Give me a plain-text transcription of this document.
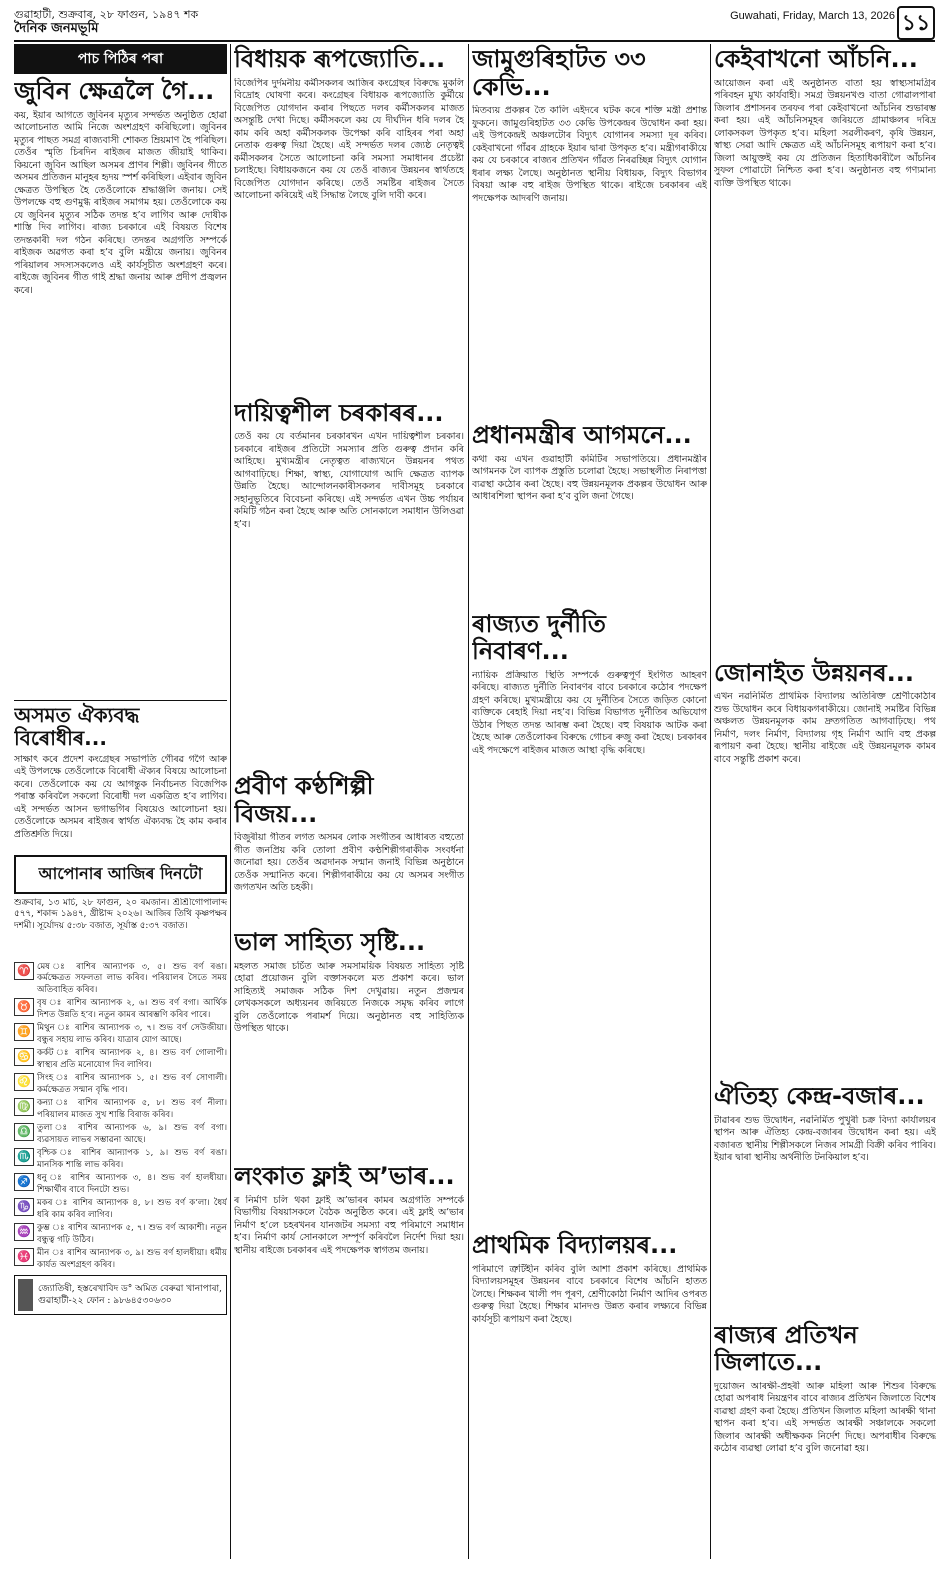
গুৱাহাটী, শুক্ৰবাৰ, ২৮ ফাগুন, ১৯৪৭ শক
দৈনিক জনমভূমি
Guwahati, Friday, March 13, 2026 ১১
পাচ পিঠিৰ পৰা
জুবিন ক্ষেত্ৰলৈ গৈ...
কয়, ইয়াৰ আগতে জুবিনৰ মৃত্যুৰ সন্দৰ্ভত অনুষ্ঠিত হোৱা আলোচনাত আমি নিজে অংশগ্ৰহণ কৰিছিলো। জুবিনৰ মৃত্যুৰ পাছত সমগ্ৰ ৰাজ্যবাসী শোকত ম্ৰিয়মাণ হৈ পৰিছিল। তেওঁৰ স্মৃতি চিৰদিন ৰাইজৰ মাজত জীয়াই থাকিব। কিয়নো জুবিন আছিল অসমৰ প্ৰাণৰ শিল্পী। জুবিনৰ গীতে অসমৰ প্ৰতিজন মানুহৰ হৃদয় স্পৰ্শ কৰিছিল। এইবাৰ জুবিন ক্ষেত্ৰত উপস্থিত হৈ তেওঁলোকে শ্ৰদ্ধাঞ্জলি জনায়। সেই উপলক্ষে বহু গুণমুগ্ধ ৰাইজৰ সমাগম হয়। তেওঁলোকে কয় যে জুবিনৰ মৃত্যুৰ সঠিক তদন্ত হ’ব লাগিব আৰু দোষীক শাস্তি দিব লাগিব। ৰাজ্য চৰকাৰে এই বিষয়ত বিশেষ তদন্তকাৰী দল গঠন কৰিছে। তদন্তৰ অগ্ৰগতি সম্পৰ্কে ৰাইজক অৱগত কৰা হ’ব বুলি মন্ত্ৰীয়ে জনায়। জুবিনৰ পৰিয়ালৰ সদস্যসকলেও এই কাৰ্যসূচীত অংশগ্ৰহণ কৰে। ৰাইজে জুবিনৰ গীত গাই শ্ৰদ্ধা জনায় আৰু প্ৰদীপ প্ৰজ্বলন কৰে।
অসমত ঐক্যবদ্ধ বিৰোধীৰ...
সাক্ষাৎ কৰে প্ৰদেশ কংগ্ৰেছৰ সভাপতি গৌৰৱ গগৈ আৰু এই উপলক্ষে তেওঁলোকে বিৰোধী ঐক্যৰ বিষয়ে আলোচনা কৰে। তেওঁলোকে কয় যে আগন্তুক নিৰ্বাচনত বিজেপিক পৰাস্ত কৰিবলৈ সকলো বিৰোধী দল একত্ৰিত হ’ব লাগিব। এই সন্দৰ্ভত আসন ভগাভগিৰ বিষয়েও আলোচনা হয়। তেওঁলোকে অসমৰ ৰাইজৰ স্বাৰ্থত ঐক্যবদ্ধ হৈ কাম কৰাৰ প্ৰতিশ্ৰুতি দিয়ে।
আপোনাৰ আজিৰ দিনটো
শুক্ৰবাৰ, ১৩ মাৰ্চ, ২৮ ফাগুন, ২০ ৰমজান। শ্ৰীশ্ৰীগোপালাব্দ ৫৭৭, শকাব্দ ১৯৪৭, খ্ৰীষ্টাব্দ ২০২৬। আজিৰ তিথি কৃষ্ণপক্ষৰ দশমী। সূৰ্যোদয় ৫:৩৮ বজাত, সূৰ্যাস্ত ৫:৩৭ বজাত।
♈ মেষ ঃ ৰাশিৰ আন্যাপক ৩, ৫। শুভ বৰ্ণ ৰঙা। কৰ্মক্ষেত্ৰত সফলতা লাভ কৰিব। পৰিয়ালৰ সৈতে সময় অতিবাহিত কৰিব।
♉ বৃষ ঃ ৰাশিৰ আন্যাপক ২, ৬। শুভ বৰ্ণ বগা। আৰ্থিক দিশত উন্নতি হ’ব। নতুন কামৰ আৰম্ভণি কৰিব পাৰে।
♊ মিথুন ঃ ৰাশিৰ আন্যাপক ৩, ৭। শুভ বৰ্ণ সেউজীয়া। বন্ধুৰ সহায় লাভ কৰিব। যাত্ৰাৰ যোগ আছে।
♋ কৰ্কট ঃ ৰাশিৰ আন্যাপক ২, ৪। শুভ বৰ্ণ গোলাপী। স্বাস্থ্যৰ প্ৰতি মনোযোগ দিব লাগিব।
♌ সিংহ ঃ ৰাশিৰ আন্যাপক ১, ৫। শুভ বৰ্ণ সোণালী। কৰ্মক্ষেত্ৰত সন্মান বৃদ্ধি পাব।
♍ কন্যা ঃ ৰাশিৰ আন্যাপক ৫, ৮। শুভ বৰ্ণ নীলা। পৰিয়ালৰ মাজত সুখ শান্তি বিৰাজ কৰিব।
♎ তুলা ঃ ৰাশিৰ আন্যাপক ৬, ৯। শুভ বৰ্ণ বগা। ব্যৱসায়ত লাভৰ সম্ভাৱনা আছে।
♏ বৃশ্চিক ঃ ৰাশিৰ আন্যাপক ১, ৯। শুভ বৰ্ণ ৰঙা। মানসিক শান্তি লাভ কৰিব।
♐ ধনু ঃ ৰাশিৰ আন্যাপক ৩, ৪। শুভ বৰ্ণ হালধীয়া। শিক্ষাৰ্থীৰ বাবে দিনটো শুভ।
♑ মকৰ ঃ ৰাশিৰ আন্যাপক ৪, ৮। শুভ বৰ্ণ ক’লা। ধৈৰ্য ধৰি কাম কৰিব লাগিব।
♒ কুম্ভ ঃ ৰাশিৰ আন্যাপক ৫, ৭। শুভ বৰ্ণ আকাশী। নতুন বন্ধুত্ব গঢ়ি উঠিব।
♓ মীন ঃ ৰাশিৰ আন্যাপক ৩, ৯। শুভ বৰ্ণ হালধীয়া। ধৰ্মীয় কাৰ্যত অংশগ্ৰহণ কৰিব।
জ্যোতিষী, হস্তৰেখাবিদ ড° অমিত বেৰুৱা খানাপাৰা, গুৱাহাটী-২২ ফোন : ৯৮৬৪৫৩০৬৩০
বিধায়ক ৰূপজ্যোতি...
বিজেপিৰ দুৰ্দমনীয় কৰ্মীসকলৰ আজিৰ কংগ্ৰেছৰ বিৰুদ্ধে মুকলি বিদ্ৰোহ ঘোষণা কৰে। কংগ্ৰেছৰ বিধায়ক ৰূপজ্যোতি কুৰ্মীয়ে বিজেপিত যোগদান কৰাৰ পিছতে দলৰ কৰ্মীসকলৰ মাজত অসন্তুষ্টি দেখা দিছে। কৰ্মীসকলে কয় যে দীৰ্ঘদিন ধৰি দলৰ হৈ কাম কৰি অহা কৰ্মীসকলক উপেক্ষা কৰি বাহিৰৰ পৰা অহা নেতাক গুৰুত্ব দিয়া হৈছে। এই সন্দৰ্ভত দলৰ জ্যেষ্ঠ নেতৃত্বই কৰ্মীসকলৰ সৈতে আলোচনা কৰি সমস্যা সমাধানৰ প্ৰচেষ্টা চলাইছে। বিধায়কজনে কয় যে তেওঁ ৰাজ্যৰ উন্নয়নৰ স্বাৰ্থতহে বিজেপিত যোগদান কৰিছে। তেওঁ সমষ্টিৰ ৰাইজৰ সৈতে আলোচনা কৰিয়েই এই সিদ্ধান্ত লৈছে বুলি দাবী কৰে।
দায়িত্বশীল চৰকাৰৰ...
তেওঁ কয় যে বৰ্তমানৰ চৰকাৰখন এখন দায়িত্বশীল চৰকাৰ। চৰকাৰে ৰাইজৰ প্ৰতিটো সমস্যাৰ প্ৰতি গুৰুত্ব প্ৰদান কৰি আহিছে। মুখ্যমন্ত্ৰীৰ নেতৃত্বত ৰাজ্যখনে উন্নয়নৰ পথত আগবাঢ়িছে। শিক্ষা, স্বাস্থ্য, যোগাযোগ আদি ক্ষেত্ৰত ব্যাপক উন্নতি হৈছে। আন্দোলনকাৰীসকলৰ দাবীসমূহ চৰকাৰে সহানুভূতিৰে বিবেচনা কৰিছে। এই সন্দৰ্ভত এখন উচ্চ পৰ্যায়ৰ কমিটি গঠন কৰা হৈছে আৰু অতি সোনকালে সমাধান উলিওৱা হ’ব।
প্ৰবীণ কণ্ঠশিল্পী বিজয়...
বিজুৰীয়া গীতৰ লগত অসমৰ লোক সংগীতৰ আধাৰত বহুতো গীত জনপ্ৰিয় কৰি তোলা প্ৰবীণ কণ্ঠশিল্পীগৰাকীক সংবৰ্ধনা জনোৱা হয়। তেওঁৰ অৱদানক সন্মান জনাই বিভিন্ন অনুষ্ঠানে তেওঁক সন্মানিত কৰে। শিল্পীগৰাকীয়ে কয় যে অসমৰ সংগীত জগতখন অতি চহকী।
ভাল সাহিত্য সৃষ্টি...
মহলত সমাজ চৰ্চিত আৰু সমসাময়িক বিষয়ত সাহিত্য সৃষ্টি হোৱা প্ৰয়োজন বুলি বক্তাসকলে মত প্ৰকাশ কৰে। ভাল সাহিত্যই সমাজক সঠিক দিশ দেখুৱায়। নতুন প্ৰজন্মৰ লেখকসকলে অধ্যয়নৰ জৰিয়তে নিজকে সমৃদ্ধ কৰিব লাগে বুলি তেওঁলোকে পৰামৰ্শ দিয়ে। অনুষ্ঠানত বহু সাহিত্যিক উপস্থিত থাকে।
লংকাত ফ্লাই অ’ভাৰ...
ৰ নিৰ্মাণ চলি থকা ফ্লাই অ’ভাৰৰ কামৰ অগ্ৰগতি সম্পৰ্কে বিভাগীয় বিষয়াসকলে বৈঠক অনুষ্ঠিত কৰে। এই ফ্লাই অ’ভাৰ নিৰ্মাণ হ’লে চহৰখনৰ যানজটৰ সমস্যা বহু পৰিমাণে সমাধান হ’ব। নিৰ্মাণ কাৰ্য সোনকালে সম্পূৰ্ণ কৰিবলৈ নিৰ্দেশ দিয়া হয়। স্থানীয় ৰাইজে চৰকাৰৰ এই পদক্ষেপক স্বাগতম জনায়।
জামুগুৰিহাটত ৩৩ কেভি...
মিতব্যয় প্ৰকল্পৰ তৈ কালি এইদৰে ঘটক কৰে শক্তি মন্ত্ৰী প্ৰশান্ত ফুকনে। জামুগুৰিহাটত ৩৩ কেভি উপকেন্দ্ৰৰ উদ্বোধন কৰা হয়। এই উপকেন্দ্ৰই অঞ্চলটোৰ বিদ্যুৎ যোগানৰ সমস্যা দূৰ কৰিব। কেইবাখনো গাঁৱৰ গ্ৰাহকে ইয়াৰ দ্বাৰা উপকৃত হ’ব। মন্ত্ৰীগৰাকীয়ে কয় যে চৰকাৰে ৰাজ্যৰ প্ৰতিখন গাঁৱত নিৰৱচ্ছিন্ন বিদ্যুৎ যোগান ধৰাৰ লক্ষ্য লৈছে। অনুষ্ঠানত স্থানীয় বিধায়ক, বিদ্যুৎ বিভাগৰ বিষয়া আৰু বহু ৰাইজ উপস্থিত থাকে। ৰাইজে চৰকাৰৰ এই পদক্ষেপক আদৰণি জনায়।
প্ৰধানমন্ত্ৰীৰ আগমনে...
কথা কয় এখন গুৱাহাটী কমিটিৰ সভাপতিয়ে। প্ৰধানমন্ত্ৰীৰ আগমনক লৈ ব্যাপক প্ৰস্তুতি চলোৱা হৈছে। সভাস্থলীত নিৰাপত্তা ব্যৱস্থা কঠোৰ কৰা হৈছে। বহু উন্নয়নমূলক প্ৰকল্পৰ উদ্বোধন আৰু আধাৰশিলা স্থাপন কৰা হ’ব বুলি জনা গৈছে।
ৰাজ্যত দুৰ্নীতি নিবাৰণ...
ন্যায়িক প্ৰক্ৰিয়াত স্থিতি সম্পৰ্কে গুৰুত্বপূৰ্ণ ইংগিত আহৰণ কৰিছে। ৰাজ্যত দুৰ্নীতি নিবাৰণৰ বাবে চৰকাৰে কঠোৰ পদক্ষেপ গ্ৰহণ কৰিছে। মুখ্যমন্ত্ৰীয়ে কয় যে দুৰ্নীতিৰ সৈতে জড়িত কোনো ব্যক্তিকে ৰেহাই দিয়া নহ’ব। বিভিন্ন বিভাগত দুৰ্নীতিৰ অভিযোগ উঠাৰ পিছত তদন্ত আৰম্ভ কৰা হৈছে। বহু বিষয়াক আটক কৰা হৈছে আৰু তেওঁলোকৰ বিৰুদ্ধে গোচৰ ৰুজু কৰা হৈছে। চৰকাৰৰ এই পদক্ষেপে ৰাইজৰ মাজত আস্থা বৃদ্ধি কৰিছে।
প্ৰাথমিক বিদ্যালয়ৰ...
পৰিমাণে ত্ৰুটিহীন কৰিব বুলি আশা প্ৰকাশ কৰিছে। প্ৰাথমিক বিদ্যালয়সমূহৰ উন্নয়নৰ বাবে চৰকাৰে বিশেষ আঁচনি হাতত লৈছে। শিক্ষকৰ খালী পদ পূৰণ, শ্ৰেণীকোঠা নিৰ্মাণ আদিৰ ওপৰত গুৰুত্ব দিয়া হৈছে। শিক্ষাৰ মানদণ্ড উন্নত কৰাৰ লক্ষ্যৰে বিভিন্ন কাৰ্যসূচী ৰূপায়ণ কৰা হৈছে।
কেইবাখনো আঁচনি...
আয়োজন কৰা এই অনুষ্ঠানত বাতা হয় স্বাস্থ্যসামগ্ৰিৰ পৰিবহন মুখ্য কাৰ্যবাহী। সমগ্ৰ উন্নয়নখণ্ড বাতা গোৱালপাৰা জিলাৰ প্ৰশাসনৰ তৰফৰ পৰা কেইবাখনো আঁচনিৰ শুভাৰম্ভ কৰা হয়। এই আঁচনিসমূহৰ জৰিয়তে গ্ৰামাঞ্চলৰ দৰিদ্ৰ লোকসকল উপকৃত হ’ব। মহিলা সৱলীকৰণ, কৃষি উন্নয়ন, স্বাস্থ্য সেৱা আদি ক্ষেত্ৰত এই আঁচনিসমূহ ৰূপায়ণ কৰা হ’ব। জিলা আয়ুক্তই কয় যে প্ৰতিজন হিতাধিকাৰীলৈ আঁচনিৰ সুফল পোৱাটো নিশ্চিত কৰা হ’ব। অনুষ্ঠানত বহু গণ্যমান্য ব্যক্তি উপস্থিত থাকে।
জোনাইত উন্নয়নৰ...
এখন নৱনিৰ্মিত প্ৰাথমিক বিদ্যালয় অতিৰিক্ত শ্ৰেণীকোঠাৰ শুভ উদ্বোধন কৰে বিধায়কগৰাকীয়ে। জোনাই সমষ্টিৰ বিভিন্ন অঞ্চলত উন্নয়নমূলক কাম দ্ৰুতগতিত আগবাঢ়িছে। পথ নিৰ্মাণ, দলং নিৰ্মাণ, বিদ্যালয় গৃহ নিৰ্মাণ আদি বহু প্ৰকল্প ৰূপায়ণ কৰা হৈছে। স্থানীয় ৰাইজে এই উন্নয়নমূলক কামৰ বাবে সন্তুষ্টি প্ৰকাশ কৰে।
ঐতিহ্য কেন্দ্ৰ-বজাৰ...
টাৱাৰৰ শুভ উদ্বোধন, নৱনিৰ্মিত পুখুৰী চক্ৰ বিদ্যা কাৰ্যালয়ৰ স্থাপন আৰু ঐতিহ্য কেন্দ্ৰ-বজাৰৰ উদ্বোধন কৰা হয়। এই বজাৰত স্থানীয় শিল্পীসকলে নিজৰ সামগ্ৰী বিক্ৰী কৰিব পাৰিব। ইয়াৰ দ্বাৰা স্থানীয় অৰ্থনীতি টনকিয়াল হ’ব।
ৰাজ্যৰ প্ৰতিখন জিলাতে...
দুয়োজন আৰক্ষী-প্ৰহৰী আৰু মহিলা আৰু শিশুৰ বিৰুদ্ধে হোৱা অপৰাধ নিয়ন্ত্ৰণৰ বাবে ৰাজ্যৰ প্ৰতিখন জিলাতে বিশেষ ব্যৱস্থা গ্ৰহণ কৰা হৈছে। প্ৰতিখন জিলাত মহিলা আৰক্ষী থানা স্থাপন কৰা হ’ব। এই সন্দৰ্ভত আৰক্ষী সঞ্চালকে সকলো জিলাৰ আৰক্ষী অধীক্ষকক নিৰ্দেশ দিছে। অপৰাধীৰ বিৰুদ্ধে কঠোৰ ব্যৱস্থা লোৱা হ’ব বুলি জনোৱা হয়।
